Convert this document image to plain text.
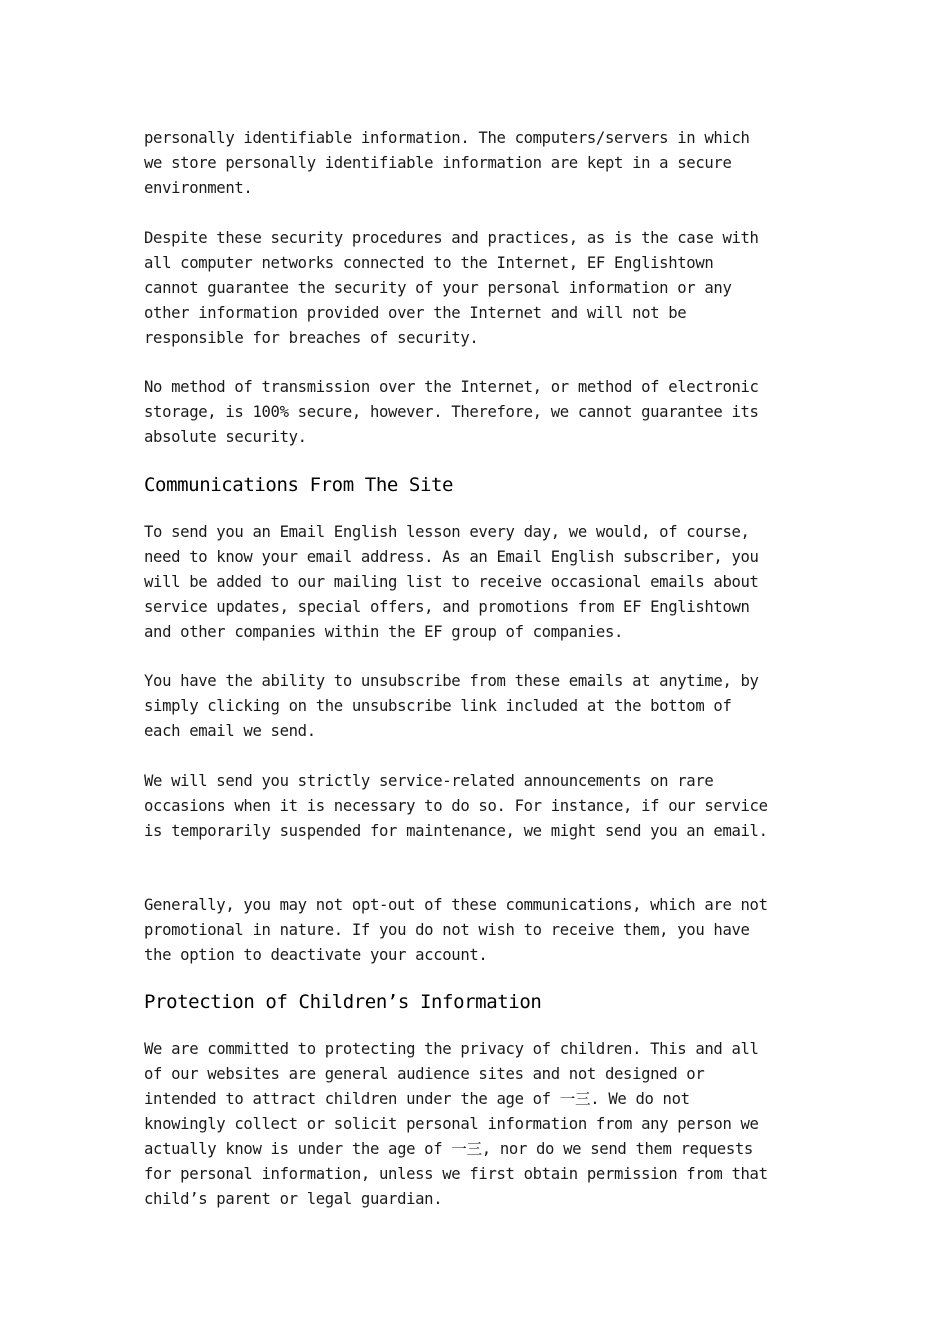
personally identifiable information. The computers/servers in which
we store personally identifiable information are kept in a secure
environment.
Despite these security procedures and practices, as is the case with
all computer networks connected to the Internet, EF Englishtown
cannot guarantee the security of your personal information or any
other information provided over the Internet and will not be
responsible for breaches of security.
No method of transmission over the Internet, or method of electronic
storage, is 100% secure, however. Therefore, we cannot guarantee its
absolute security.
Communications From The Site
To send you an Email English lesson every day, we would, of course,
need to know your email address. As an Email English subscriber, you
will be added to our mailing list to receive occasional emails about
service updates, special offers, and promotions from EF Englishtown
and other companies within the EF group of companies.
You have the ability to unsubscribe from these emails at anytime, by
simply clicking on the unsubscribe link included at the bottom of
each email we send.
We will send you strictly service-related announcements on rare
occasions when it is necessary to do so. For instance, if our service
is temporarily suspended for maintenance, we might send you an email.
Generally, you may not opt-out of these communications, which are not
promotional in nature. If you do not wish to receive them, you have
the option to deactivate your account.
Protection of Children’s Information
We are committed to protecting the privacy of children. This and all
of our websites are general audience sites and not designed or
intended to attract children under the age of 一三. We do not
knowingly collect or solicit personal information from any person we
actually know is under the age of 一三, nor do we send them requests
for personal information, unless we first obtain permission from that
child’s parent or legal guardian.
